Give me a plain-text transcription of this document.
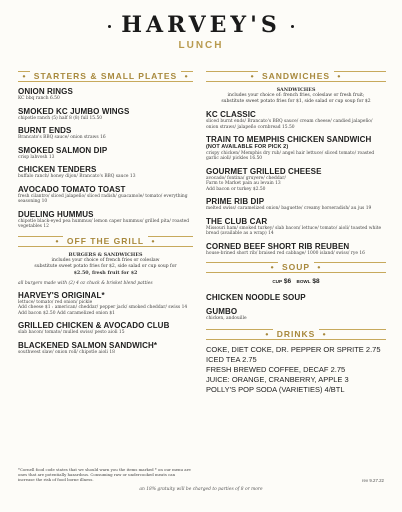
HARVEY'S
LUNCH
• STARTERS & SMALL PLATES •
ONION RINGS
KC bbq ranch 6.50
SMOKED KC JUMBO WINGS
chipotle ranch (5) half 8 (8) full 15.50
BURNT ENDS
Brancato's BBQ sauce/ onion straws 16
SMOKED SALMON DIP
crisp lahvosh 13
CHICKEN TENDERS
buffalo ranch/ honey dijon/ Brancato's BBQ sauce 13
AVOCADO TOMATO TOAST
fresh cilantro/ sliced jalapeño/ sliced radish/ guacamole/ tomato/ everything seasoning 10
DUELING HUMMUS
chipotle black-eyed pea hummus/ lemon caper hummus/ grilled pita/ roasted vegetables 12
• OFF THE GRILL •
BURGERS & SANDWICHES
includes your choice of french fries or coleslaw
substitute sweet potato fries for $2, side salad or cup soup for
$2.50, fresh fruit for $2
all burgers made with (2) 4 oz chuck & brisket blend patties
HARVEY'S ORIGINAL*
lettuce/ tomato/ red onion/ pickle
Add cheese $1 : american/ cheddar/ pepper jack/ smoked cheddar/ swiss 14
Add bacon $2.50 Add caramelized onion $1
GRILLED CHICKEN & AVOCADO CLUB
slab bacon/ tomato/ mulled swiss/ pesto aioli 15
BLACKENED SALMON SANDWICH*
southwest slaw/ onion roll/ chipotle aioli 18
• SANDWICHES •
SANDWICHES
includes your choice of: french fries, coleslaw or fresh fruit;
substitute sweet potato fries for $1, side salad or cup soup for $2
KC CLASSIC
sliced burnt ends/ Brancato's BBQ sauce/ cream cheese/ candied jalapeño/ onion straws/ jalapeño cornbread 15.50
TRAIN TO MEMPHIS CHICKEN SANDWICH
(NOT AVAILABLE FOR PICK 2)
crispy chicken/ Memphis dry rub/ angel hair lettuce/ sliced tomato/ roasted garlic aioli/ pickles 16.50
GOURMET GRILLED CHEESE
avocado/ fontina/ gruyere/ cheddar/
Farm to Market pain au levain 13
Add bacon or turkey $2.50
PRIME RIB DIP
melted swiss/ caramelized onion/ baguette/ creamy horseradish/ au jus 19
THE CLUB CAR
Missouri ham/ smoked turkey/ slab bacon/ lettuce/ tomato/ aioli/ toasted white bread (available as a wrap) 14
CORNED BEEF SHORT RIB REUBEN
house-brined short rib/ braised red cabbage/ 1000 island/ swiss/ rye 16
• SOUP •
CUP $6 BOWL $8
CHICKEN NOODLE SOUP
GUMBO
chicken, andouille
• DRINKS •
COKE, DIET COKE, DR. PEPPER OR SPRITE 2.75
ICED TEA 2.75
FRESH BREWED COFFEE, DECAF 2.75
JUICE: ORANGE, CRANBERRY, APPLE 3
POLLY'S POP SODA (VARIETIES) 4/BTL
*Cornell food code states that we should warn you the items marked * on our menu are ones that are potentially hazardous. Consuming raw or undercooked meats can increase the risk of food borne illness.	rev 9.27.22
an 18% gratuity will be charged to parties of 8 or more
